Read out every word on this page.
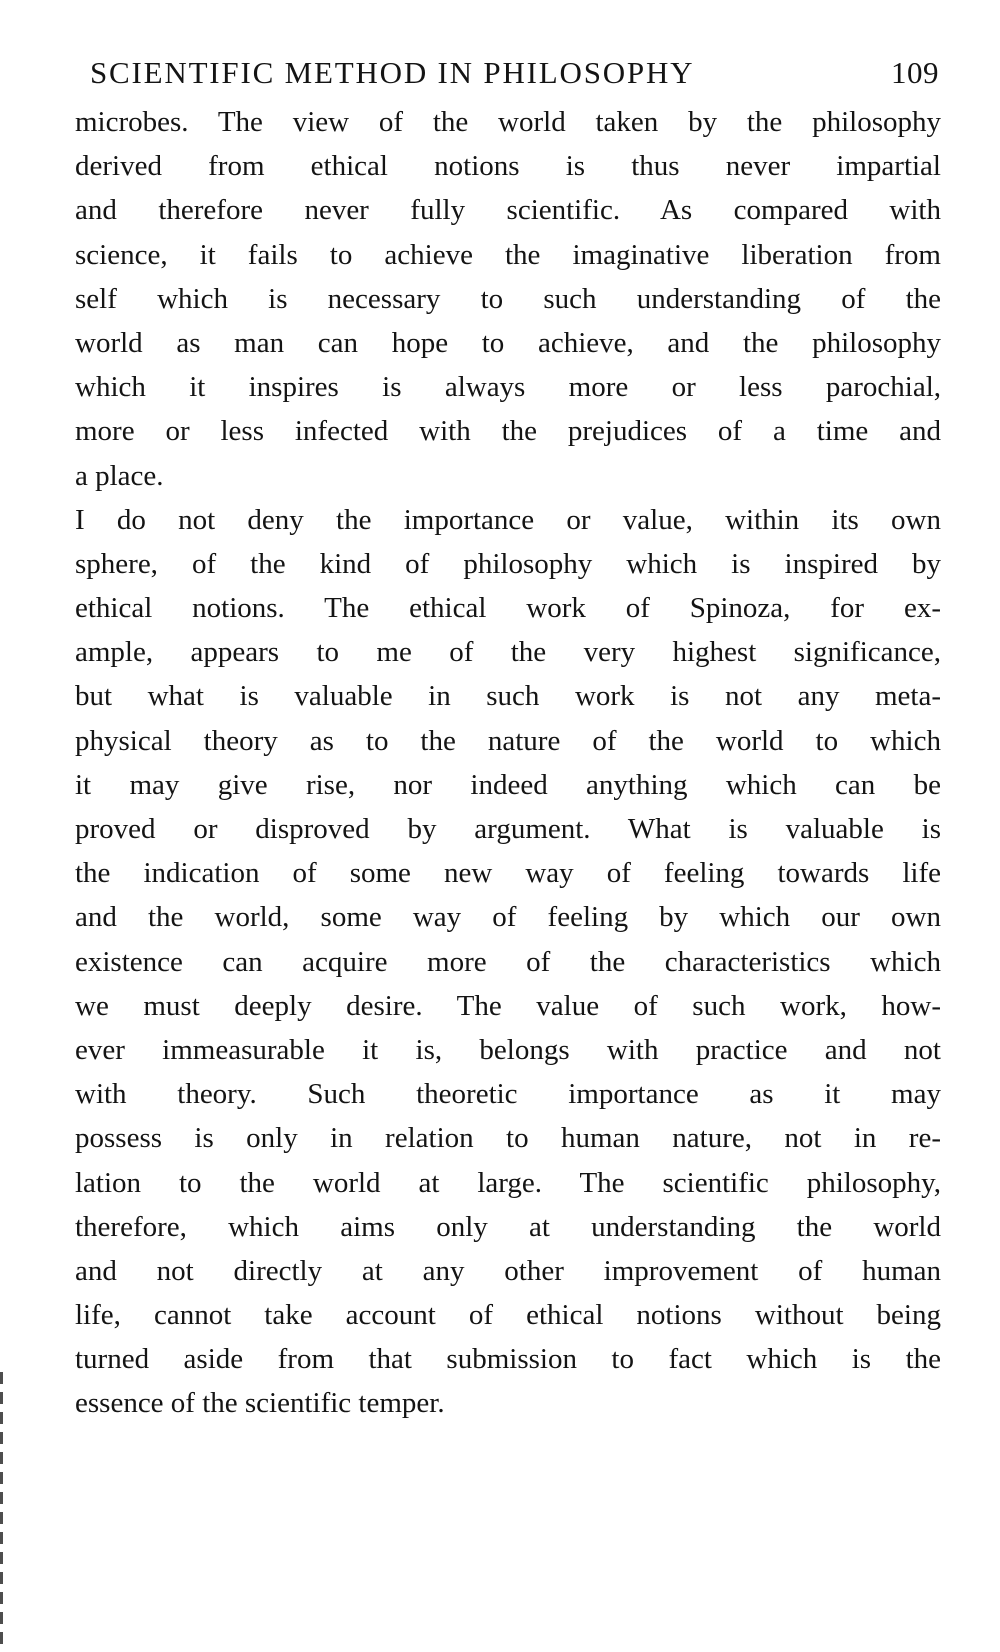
SCIENTIFIC METHOD IN PHILOSOPHY	109
microbes. The view of the world taken by the philosophy
derived from ethical notions is thus never impartial
and therefore never fully scientific. As compared with
science, it fails to achieve the imaginative liberation from
self which is necessary to such understanding of the
world as man can hope to achieve, and the philosophy
which it inspires is always more or less parochial,
more or less infected with the prejudices of a time and
a place.
I do not deny the importance or value, within its own
sphere, of the kind of philosophy which is inspired by
ethical notions. The ethical work of Spinoza, for ex-
ample, appears to me of the very highest significance,
but what is valuable in such work is not any meta-
physical theory as to the nature of the world to which
it may give rise, nor indeed anything which can be
proved or disproved by argument. What is valuable is
the indication of some new way of feeling towards life
and the world, some way of feeling by which our own
existence can acquire more of the characteristics which
we must deeply desire. The value of such work, how-
ever immeasurable it is, belongs with practice and not
with theory. Such theoretic importance as it may
possess is only in relation to human nature, not in re-
lation to the world at large. The scientific philosophy,
therefore, which aims only at understanding the world
and not directly at any other improvement of human
life, cannot take account of ethical notions without being
turned aside from that submission to fact which is the
essence of the scientific temper.
